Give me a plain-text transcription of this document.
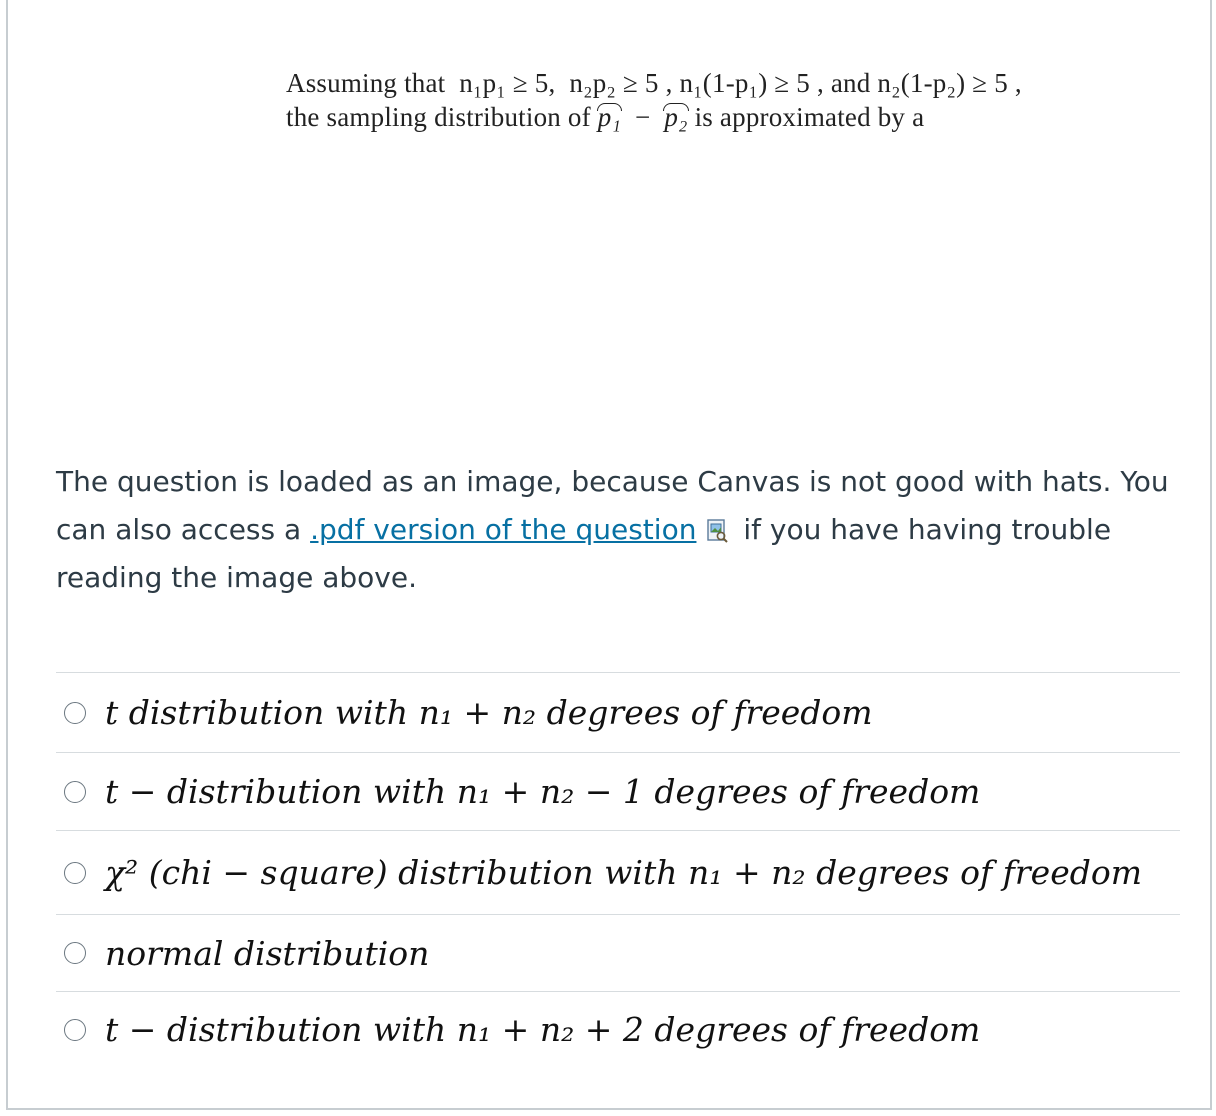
Assuming that n₁p₁ ≥ 5, n₂p₂ ≥ 5 , n₁(1-p₁) ≥ 5 , and n₂(1-p₂) ≥ 5 ,
the sampling distribution of p₁ − p₂ is approximated by a
The question is loaded as an image, because Canvas is not good with hats. You can also access a .pdf version of the question if you have having trouble reading the image above.
t distribution with n₁ + n₂ degrees of freedom
t − distribution with n₁ + n₂ − 1 degrees of freedom
χ² (chi − square) distribution with n₁ + n₂ degrees of freedom
normal distribution
t − distribution with n₁ + n₂ + 2 degrees of freedom
